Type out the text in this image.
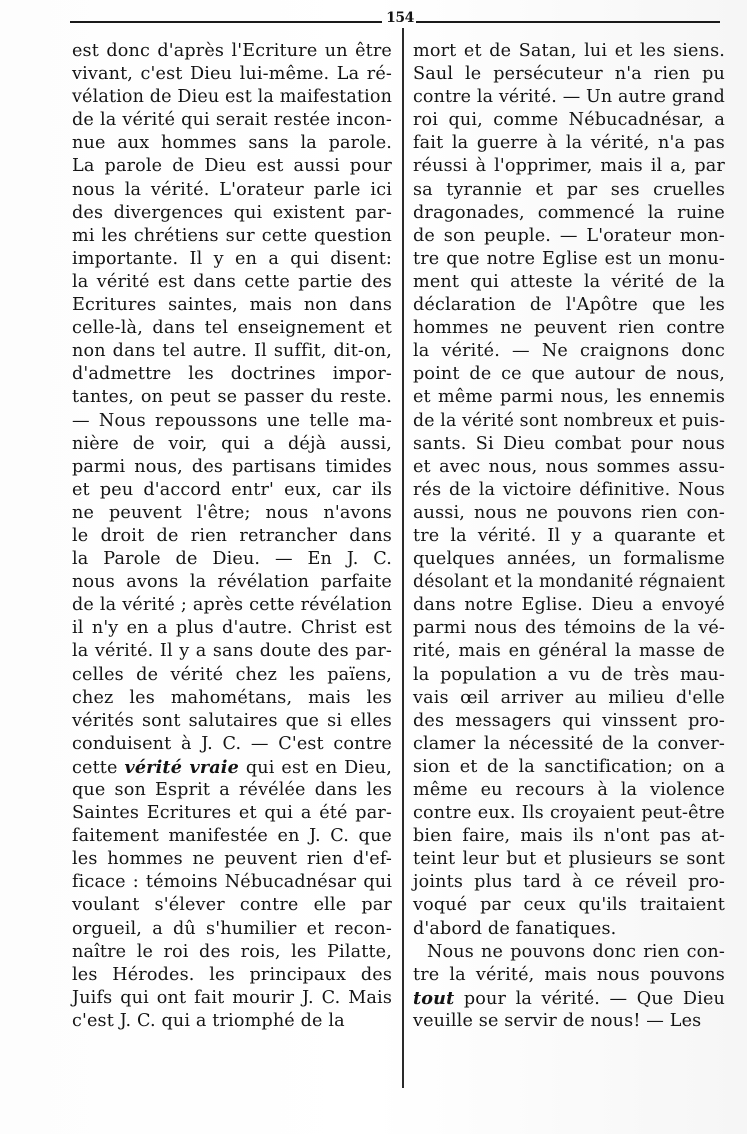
154
est donc d'après l'Ecriture un être
vivant, c'est Dieu lui-même. La ré-
vélation de Dieu est la maifestation
de la vérité qui serait restée incon-
nue aux hommes sans la parole.
La parole de Dieu est aussi pour
nous la vérité. L'orateur parle ici
des divergences qui existent par-
mi les chrétiens sur cette question
importante. Il y en a qui disent:
la vérité est dans cette partie des
Ecritures saintes, mais non dans
celle-là, dans tel enseignement et
non dans tel autre. Il suffit, dit-on,
d'admettre les doctrines impor-
tantes, on peut se passer du reste.
— Nous repoussons une telle ma-
nière de voir, qui a déjà aussi,
parmi nous, des partisans timides
et peu d'accord entr' eux, car ils
ne peuvent l'être; nous n'avons
le droit de rien retrancher dans
la Parole de Dieu. — En J. C.
nous avons la révélation parfaite
de la vérité ; après cette révélation
il n'y en a plus d'autre. Christ est
la vérité. Il y a sans doute des par-
celles de vérité chez les païens,
chez les mahométans, mais les
vérités sont salutaires que si elles
conduisent à J. C. — C'est contre
cette vérité vraie qui est en Dieu,
que son Esprit a révélée dans les
Saintes Ecritures et qui a été par-
faitement manifestée en J. C. que
les hommes ne peuvent rien d'ef-
ficace : témoins Nébucadnésar qui
voulant s'élever contre elle par
orgueil, a dû s'humilier et recon-
naître le roi des rois, les Pilatte,
les Hérodes. les principaux des
Juifs qui ont fait mourir J. C. Mais
c'est J. C. qui a triomphé de la
mort et de Satan, lui et les siens.
Saul le persécuteur n'a rien pu
contre la vérité. — Un autre grand
roi qui, comme Nébucadnésar, a
fait la guerre à la vérité, n'a pas
réussi à l'opprimer, mais il a, par
sa tyrannie et par ses cruelles
dragonades, commencé la ruine
de son peuple. — L'orateur mon-
tre que notre Eglise est un monu-
ment qui atteste la vérité de la
déclaration de l'Apôtre que les
hommes ne peuvent rien contre
la vérité. — Ne craignons donc
point de ce que autour de nous,
et même parmi nous, les ennemis
de la vérité sont nombreux et puis-
sants. Si Dieu combat pour nous
et avec nous, nous sommes assu-
rés de la victoire définitive. Nous
aussi, nous ne pouvons rien con-
tre la vérité. Il y a quarante et
quelques années, un formalisme
désolant et la mondanité régnaient
dans notre Eglise. Dieu a envoyé
parmi nous des témoins de la vé-
rité, mais en général la masse de
la population a vu de très mau-
vais œil arriver au milieu d'elle
des messagers qui vinssent pro-
clamer la nécessité de la conver-
sion et de la sanctification; on a
même eu recours à la violence
contre eux. Ils croyaient peut-être
bien faire, mais ils n'ont pas at-
teint leur but et plusieurs se sont
joints plus tard à ce réveil pro-
voqué par ceux qu'ils traitaient
d'abord de fanatiques.
Nous ne pouvons donc rien con-
tre la vérité, mais nous pouvons
tout pour la vérité. — Que Dieu
veuille se servir de nous! — Les
